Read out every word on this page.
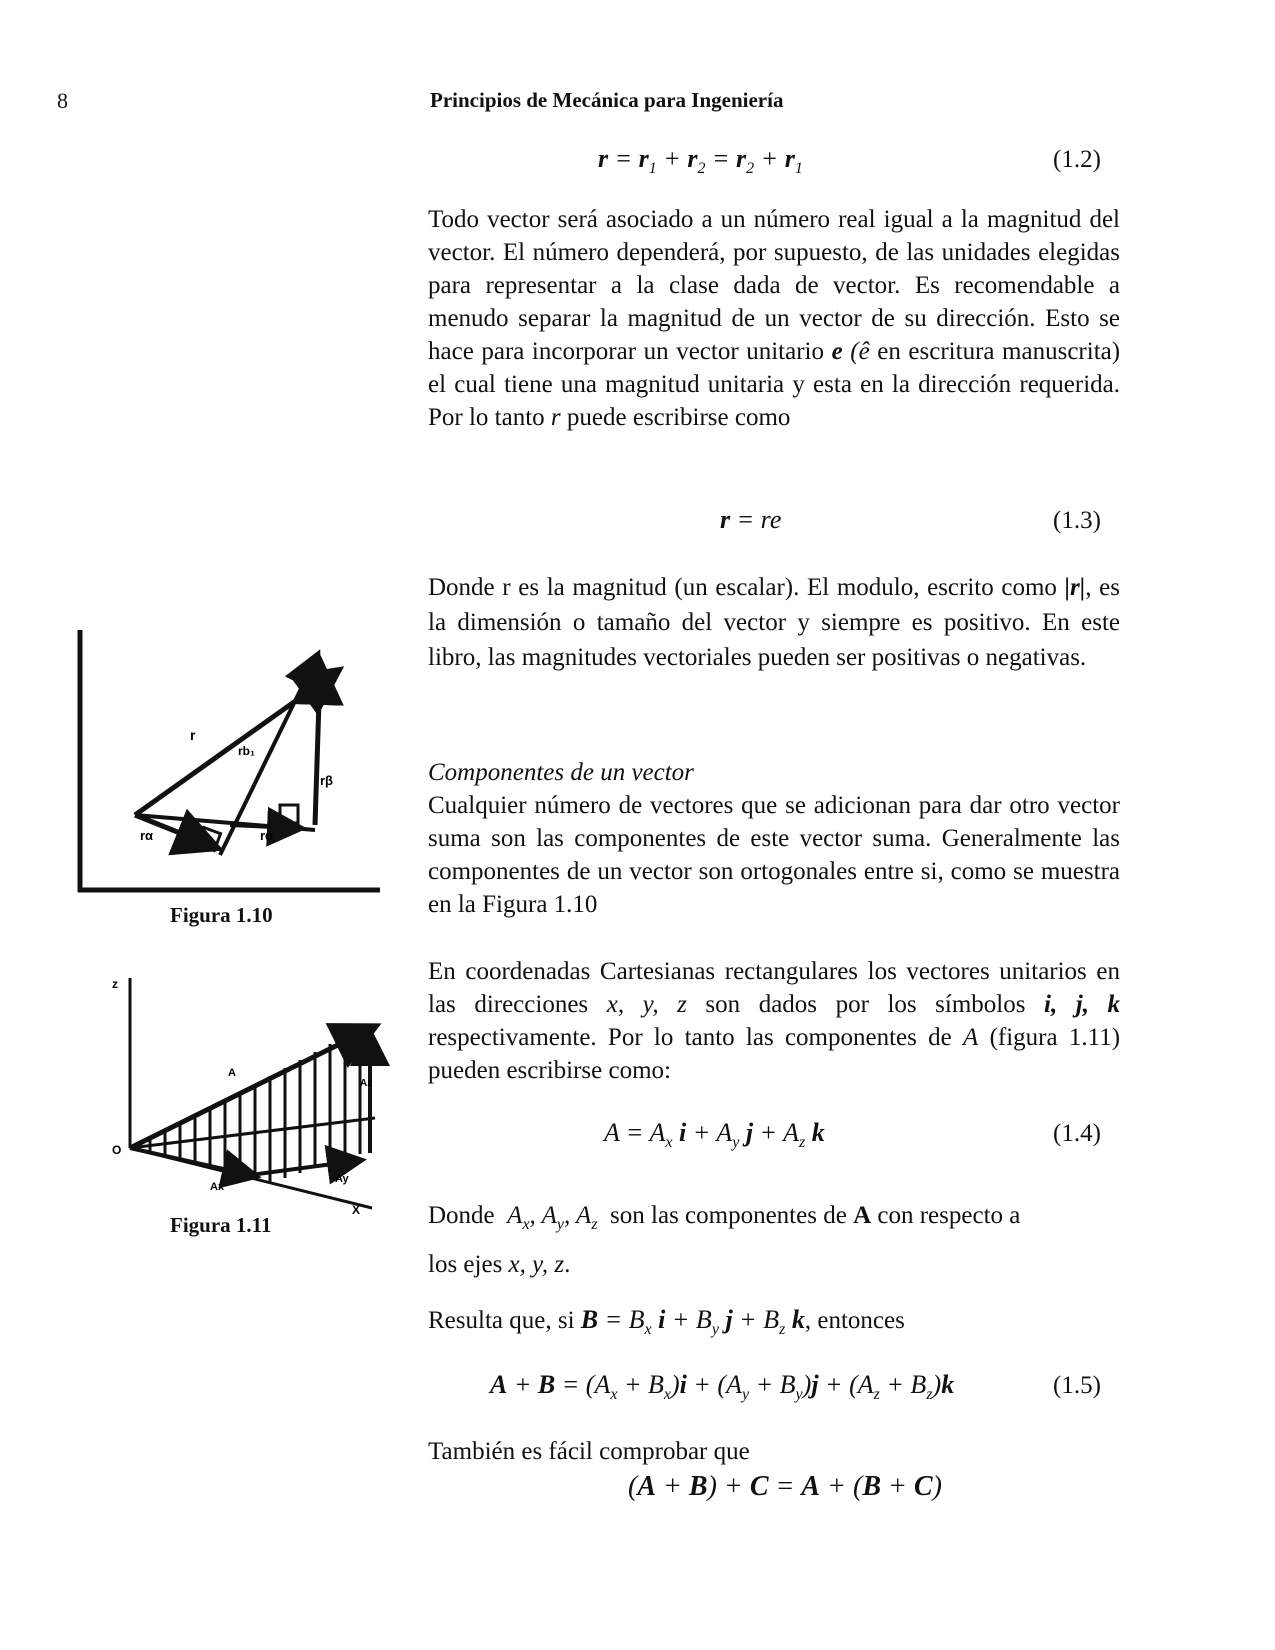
8	Principios de Mecánica para Ingeniería
$r = r_1 + r_2 = r_2 + r_1$	(1.2)
Todo vector será asociado a un número real igual a la magnitud del vector. El número dependerá, por supuesto, de las unidades elegidas para representar a la clase dada de vector. Es recomendable a menudo separar la magnitud de un vector de su dirección. Esto se hace para incorporar un vector unitario e (ê en escritura manuscrita) el cual tiene una magnitud unitaria y esta en la dirección requerida. Por lo tanto r puede escribirse como
r = re	(1.3)
Donde r es la magnitud (un escalar). El modulo, escrito como |r|, es la dimensión o tamaño del vector y siempre es positivo. En este libro, las magnitudes vectoriales pueden ser positivas o negativas.
Componentes de un vector
Cualquier número de vectores que se adicionan para dar otro vector suma son las componentes de este vector suma. Generalmente las componentes de un vector son ortogonales entre si, como se muestra en la Figura 1.10
En coordenadas Cartesianas rectangulares los vectores unitarios en las direcciones x, y, z son dados por los símbolos i, j, k respectivamente. Por lo tanto las componentes de A (figura 1.11) pueden escribirse como:
$A = A_x$ $i + A_y$ $j + A_z$ k	(1.4)
Donde  $A_x$, $A_y$, $A_z$ son las componentes de A con respecto a
los ejes x, y, z.
Resulta que, si $B = B_x$ $i + B_y$ $j + B_z$ k, entonces
$A + B = (A_x + B_x)i + (A_y + B_y)j + (A_z + B_z)k$	(1.5)
También es fácil comprobar que
(A + B) + C = A + (B + C)
r
rb₁
rβ
rα	rα
Figura 1.10
z
O
A
Az
Ax
Ay
X
Figura 1.11
